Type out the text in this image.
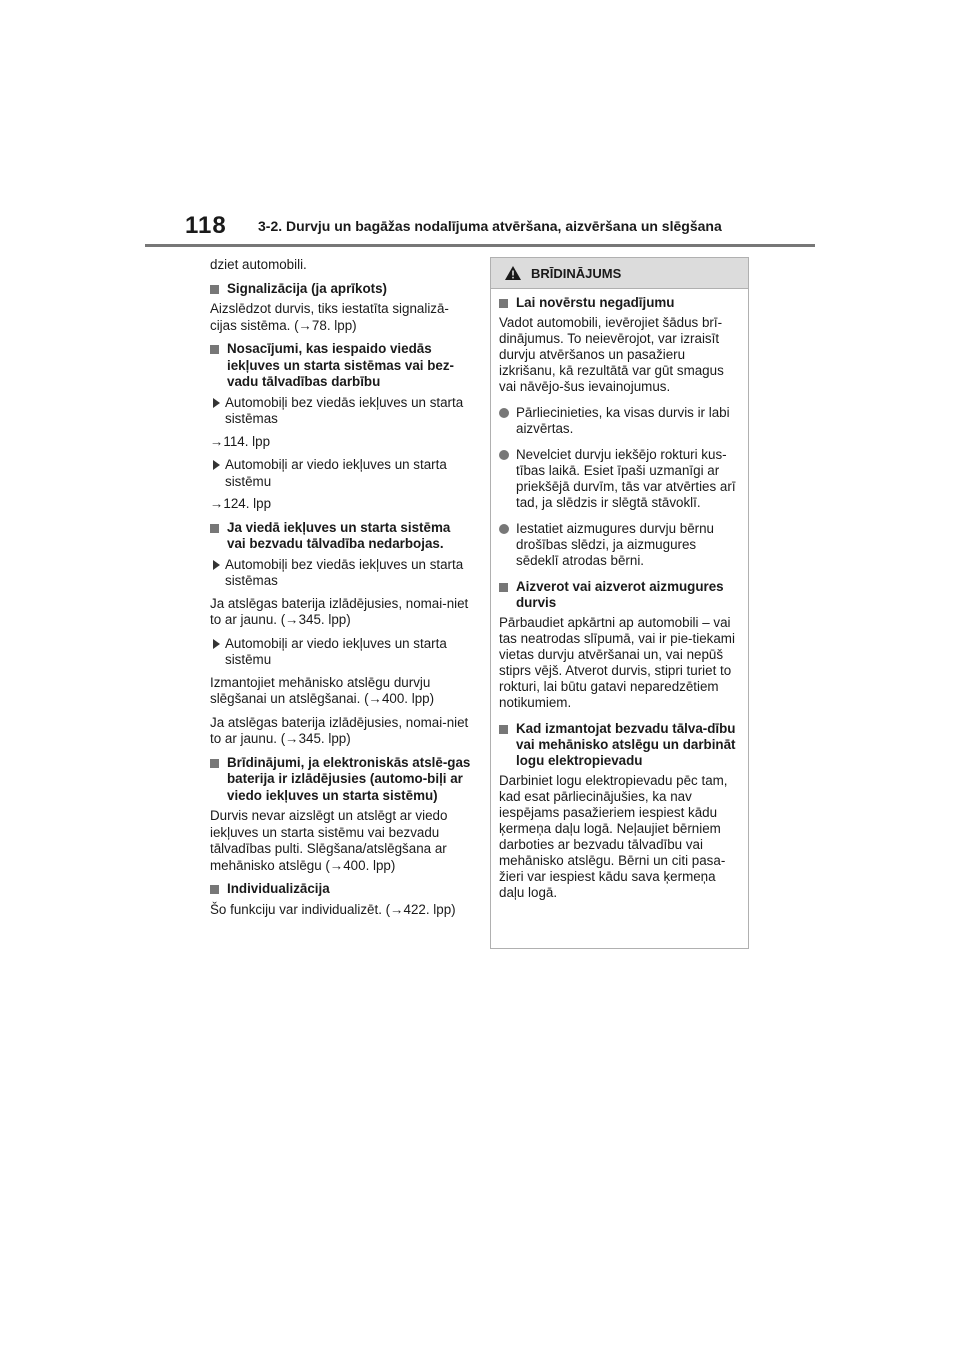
118 3-2. Durvju un bagāžas nodalījuma atvēršana, aizvēršana un slēgšana

dziet automobili.

Signalizācija (ja aprīkots)

Aizslēdzot durvis, tiks iestatīta signalizā-cijas sistēma. (→78. lpp)

Nosacījumi, kas iespaido viedās iekļuves un starta sistēmas vai bez-vadu tālvadības darbību
Automobiļi bez viedās iekļuves un starta sistēmas

→114. lpp

Automobiļi ar viedo iekļuves un starta sistēmu

→124. lpp

Ja viedā iekļuves un starta sistēma vai bezvadu tālvadība nedarbojas.
Automobiļi bez viedās iekļuves un starta sistēmas

Ja atslēgas baterija izlādējusies, nomai-niet to ar jaunu. (→345. lpp)

Automobiļi ar viedo iekļuves un starta sistēmu

Izmantojiet mehānisko atslēgu durvju slēgšanai un atslēgšanai. (→400. lpp)

Ja atslēgas baterija izlādējusies, nomai-niet to ar jaunu. (→345. lpp)

Brīdinājumi, ja elektroniskās atslē-gas baterija ir izlādējusies (automo-biļi ar viedo iekļuves un starta sistēmu)

Durvis nevar aizslēgt un atslēgt ar viedo iekļuves un starta sistēmu vai bezvadu tālvadības pulti. Slēgšana/atslēgšana ar mehānisko atslēgu (→400. lpp)

Individualizācija

Šo funkciju var individualizēt. (→422. lpp)

BRĪDINĀJUMS
Lai novērstu negadījumu

Vadot automobili, ievērojiet šādus brī-dinājumus. To neievērojot, var izraisīt durvju atvēršanos un pasažieru izkrišanu, kā rezultātā var gūt smagus vai nāvējo-šus ievainojumus.

Pārliecinieties, ka visas durvis ir labi aizvērtas.
Nevelciet durvju iekšējo rokturi kus-tības laikā. Esiet īpaši uzmanīgi ar priekšējā durvīm, tās var atvērties arī tad, ja slēdzis ir slēgtā stāvoklī.
Iestatiet aizmugures durvju bērnu drošības slēdzi, ja aizmugures sēdeklī atrodas bērni.
Aizverot vai aizverot aizmugures durvis

Pārbaudiet apkārtni ap automobili – vai tas neatrodas slīpumā, vai ir pie-tiekami vietas durvju atvēršanai un, vai nepūš stiprs vējš. Atverot durvis, stipri turiet to rokturi, lai būtu gatavi neparedzētiem notikumiem.

Kad izmantojat bezvadu tālva-dību vai mehānisko atslēgu un darbināt logu elektropievadu

Darbiniet logu elektropievadu pēc tam, kad esat pārliecinājušies, ka nav iespējams pasažieriem iespiest kādu ķermeņa daļu logā. Neļaujiet bērniem darboties ar bezvadu tālvadību vai mehānisko atslēgu. Bērni un citi pasa-žieri var iespiest kādu sava ķermeņa daļu logā.
